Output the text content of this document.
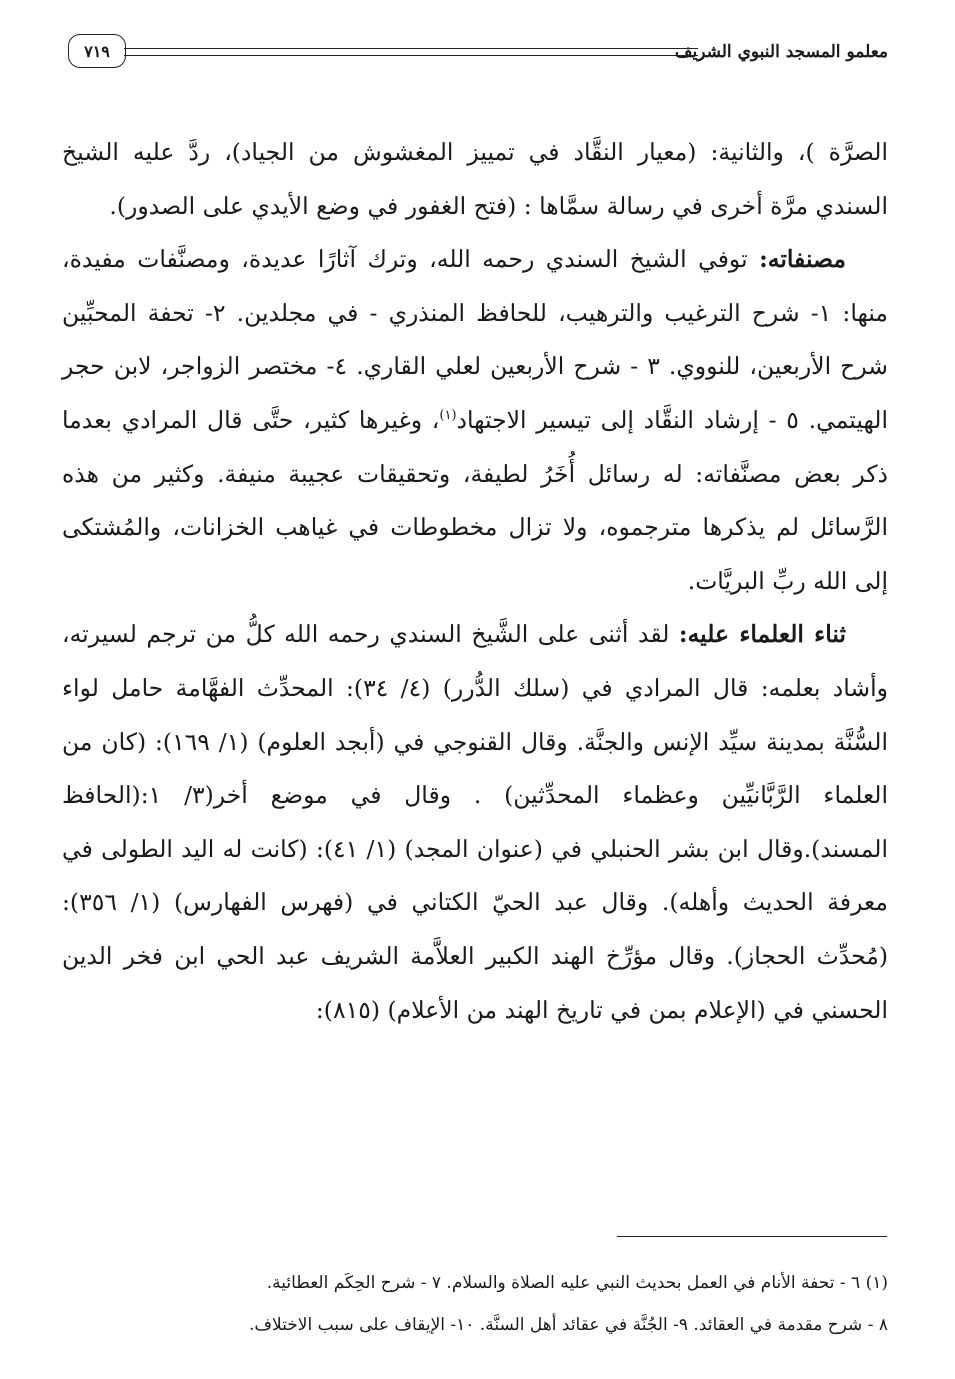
معلمو المسجد النبوي الشريف
٧١٩

الصرَّة )، والثانية: (معيار النقَّاد في تمييز المغشوش من الجياد)، ردَّ عليه الشيخ السندي مرَّة أخرى في رسالة سمَّاها : (فتح الغفور في وضع الأيدي على الصدور).

مصنفاته: توفي الشيخ السندي رحمه الله، وترك آثارًا عديدة، ومصنَّفات مفيدة، منها: ١- شرح الترغيب والترهيب، للحافظ المنذري - في مجلدين. ٢- تحفة المحبِّين شرح الأربعين، للنووي. ٣ - شرح الأربعين لعلي القاري. ٤- مختصر الزواجر، لابن حجر الهيتمي. ٥ - إرشاد النقَّاد إلى تيسير الاجتهاد$^{(١)}$، وغيرها كثير، حتَّى قال المرادي بعدما ذكر بعض مصنَّفاته: له رسائل أُخَرُ لطيفة، وتحقيقات عجيبة منيفة. وكثير من هذه الرَّسائل لم يذكرها مترجموه، ولا تزال مخطوطات في غياهب الخزانات، والمُشتكى إلى الله ربِّ البريَّات.

ثناء العلماء عليه: لقد أثنى على الشَّيخ السندي رحمه الله كلُّ من ترجم لسيرته، وأشاد بعلمه: قال المرادي في (سلك الدُّرر) (٤/ ٣٤): المحدِّث الفهَّامة حامل لواء السُّنَّة بمدينة سيِّد الإنس والجنَّة. وقال القنوجي في (أبجد العلوم) (١/ ١٦٩): (كان من العلماء الرَّبَّانيِّين وعظماء المحدِّثين) . وقال في موضع أخر(٣/ ١:(الحافظ المسند).وقال ابن بشر الحنبلي في (عنوان المجد) (١/ ٤١): (كانت له اليد الطولى في معرفة الحديث وأهله). وقال عبد الحيّ الكتاني في (فهرس الفهارس) (١/ ٣٥٦): (مُحدِّث الحجاز). وقال مؤرِّخ الهند الكبير العلاَّمة الشريف عبد الحي ابن فخر الدين الحسني في (الإعلام بمن في تاريخ الهند من الأعلام) (٨١٥):

(١) ٦ - تحفة الأنام في العمل بحديث النبي عليه الصلاة والسلام. ٧ - شرح الحِكَم العطائية.

٨ - شرح مقدمة في العقائد. ٩- الجُنَّة في عقائد أهل السنَّة. ١٠- الإيقاف على سبب الاختلاف.
